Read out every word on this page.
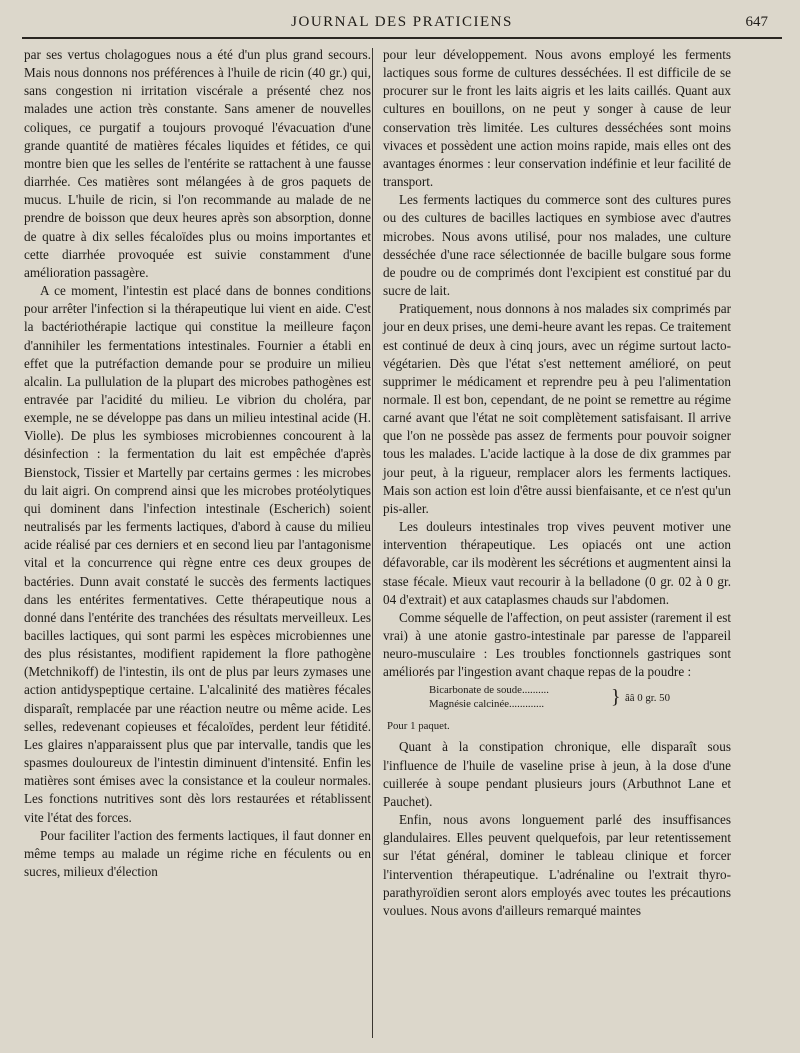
JOURNAL DES PRATICIENS	647

par ses vertus cholagogues nous a été d'un plus grand secours. Mais nous donnons nos préférences à l'huile de ricin (40 gr.) qui, sans congestion ni irritation viscérale a présenté chez nos malades une action très constante. Sans amener de nouvelles coliques, ce purgatif a toujours provoqué l'évacuation d'une grande quantité de matières fécales liquides et fétides, ce qui montre bien que les selles de l'entérite se rattachent à une fausse diarrhée. Ces matières sont mélangées à de gros paquets de mucus. L'huile de ricin, si l'on recommande au malade de ne prendre de boisson que deux heures après son absorption, donne de quatre à dix selles fécaloïdes plus ou moins importantes et cette diarrhée provoquée est suivie constamment d'une amélioration passagère.

A ce moment, l'intestin est placé dans de bonnes conditions pour arrêter l'infection si la thérapeutique lui vient en aide. C'est la bactériothérapie lactique qui constitue la meilleure façon d'annihiler les fermentations intestinales. Fournier a établi en effet que la putréfaction demande pour se produire un milieu alcalin. La pullulation de la plupart des microbes pathogènes est entravée par l'acidité du milieu. Le vibrion du choléra, par exemple, ne se développe pas dans un milieu intestinal acide (H. Violle). De plus les symbioses microbiennes concourent à la désinfection : la fermentation du lait est empêchée d'après Bienstock, Tissier et Martelly par certains germes : les microbes du lait aigri. On comprend ainsi que les microbes protéolytiques qui dominent dans l'infection intestinale (Escherich) soient neutralisés par les ferments lactiques, d'abord à cause du milieu acide réalisé par ces derniers et en second lieu par l'antagonisme vital et la concurrence qui règne entre ces deux groupes de bactéries. Dunn avait constaté le succès des ferments lactiques dans les entérites fermentatives. Cette thérapeutique nous a donné dans l'entérite des tranchées des résultats merveilleux. Les bacilles lactiques, qui sont parmi les espèces microbiennes une des plus résistantes, modifient rapidement la flore pathogène (Metchnikoff) de l'intestin, ils ont de plus par leurs zymases une action antidyspeptique certaine. L'alcalinité des matières fécales disparaît, remplacée par une réaction neutre ou même acide. Les selles, redevenant copieuses et fécaloïdes, perdent leur fétidité. Les glaires n'apparaissent plus que par intervalle, tandis que les spasmes douloureux de l'intestin diminuent d'intensité. Enfin les matières sont émises avec la consistance et la couleur normales. Les fonctions nutritives sont dès lors restaurées et rétablissent vite l'état des forces.

Pour faciliter l'action des ferments lactiques, il faut donner en même temps au malade un régime riche en féculents ou en sucres, milieux d'élection

pour leur développement. Nous avons employé les ferments lactiques sous forme de cultures desséchées. Il est difficile de se procurer sur le front les laits aigris et les laits caillés. Quant aux cultures en bouillons, on ne peut y songer à cause de leur conservation très limitée. Les cultures desséchées sont moins vivaces et possèdent une action moins rapide, mais elles ont des avantages énormes : leur conservation indéfinie et leur facilité de transport.

Les ferments lactiques du commerce sont des cultures pures ou des cultures de bacilles lactiques en symbiose avec d'autres microbes. Nous avons utilisé, pour nos malades, une culture desséchée d'une race sélectionnée de bacille bulgare sous forme de poudre ou de comprimés dont l'excipient est constitué par du sucre de lait.

Pratiquement, nous donnons à nos malades six comprimés par jour en deux prises, une demi-heure avant les repas. Ce traitement est continué de deux à cinq jours, avec un régime surtout lacto-végétarien. Dès que l'état s'est nettement amélioré, on peut supprimer le médicament et reprendre peu à peu l'alimentation normale. Il est bon, cependant, de ne point se remettre au régime carné avant que l'état ne soit complètement satisfaisant. Il arrive que l'on ne possède pas assez de ferments pour pouvoir soigner tous les malades. L'acide lactique à la dose de dix grammes par jour peut, à la rigueur, remplacer alors les ferments lactiques. Mais son action est loin d'être aussi bienfaisante, et ce n'est qu'un pis-aller.

Les douleurs intestinales trop vives peuvent motiver une intervention thérapeutique. Les opiacés ont une action défavorable, car ils modèrent les sécrétions et augmentent ainsi la stase fécale. Mieux vaut recourir à la belladone (0 gr. 02 à 0 gr. 04 d'extrait) et aux cataplasmes chauds sur l'abdomen.

Comme séquelle de l'affection, on peut assister (rarement il est vrai) à une atonie gastro-intestinale par paresse de l'appareil neuro-musculaire : Les troubles fonctionnels gastriques sont améliorés par l'ingestion avant chaque repas de la poudre :

Bicarbonate de soude..........
Magnésie calcinée.............	} ââ 0 gr. 50
Pour 1 paquet.

Quant à la constipation chronique, elle disparaît sous l'influence de l'huile de vaseline prise à jeun, à la dose d'une cuillerée à soupe pendant plusieurs jours (Arbuthnot Lane et Pauchet).

Enfin, nous avons longuement parlé des insuffisances glandulaires. Elles peuvent quelquefois, par leur retentissement sur l'état général, dominer le tableau clinique et forcer l'intervention thérapeutique. L'adrénaline ou l'extrait thyro-parathyroïdien seront alors employés avec toutes les précautions voulues. Nous avons d'ailleurs remarqué maintes
